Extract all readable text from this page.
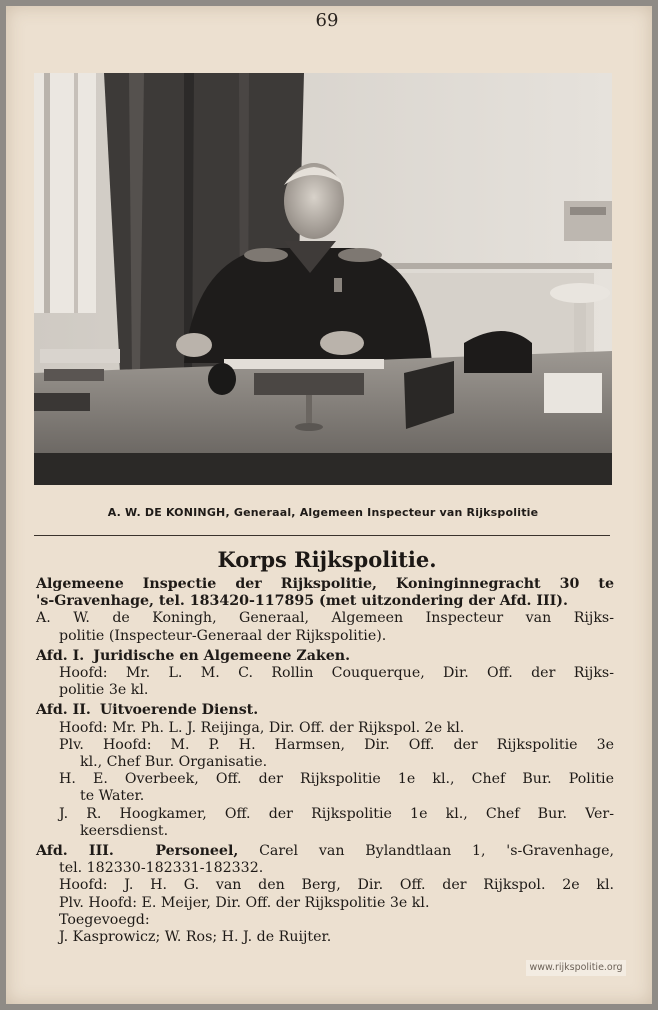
69
A. W. DE KONINGH, Generaal, Algemeen Inspecteur van Rijkspolitie
Korps Rijkspolitie.
Algemeene Inspectie der Rijkspolitie, Koninginnegracht 30 te
's-Gravenhage, tel. 183420-117895 (met uitzondering der Afd. III).
A. W. de Koningh, Generaal, Algemeen Inspecteur van Rijks-
politie (Inspecteur-Generaal der Rijkspolitie).
Afd. I. Juridische en Algemeene Zaken.
Hoofd: Mr. L. M. C. Rollin Couquerque, Dir. Off. der Rijks-
politie 3e kl.
Afd. II. Uitvoerende Dienst.
Hoofd: Mr. Ph. L. J. Reijinga, Dir. Off. der Rijkspol. 2e kl.
Plv. Hoofd: M. P. H. Harmsen, Dir. Off. der Rijkspolitie 3e
kl., Chef Bur. Organisatie.
H. E. Overbeek, Off. der Rijkspolitie 1e kl., Chef Bur. Politie
te Water.
J. R. Hoogkamer, Off. der Rijkspolitie 1e kl., Chef Bur. Ver-
keersdienst.
Afd. III.	Personeel, Carel van Bylandtlaan 1, 's-Gravenhage,
tel. 182330-182331-182332.
Hoofd: J. H. G. van den Berg, Dir. Off. der Rijkspol. 2e kl.
Plv. Hoofd: E. Meijer, Dir. Off. der Rijkspolitie 3e kl.
Toegevoegd:
J. Kasprowicz; W. Ros; H. J. de Ruijter.
www.rijkspolitie.org
